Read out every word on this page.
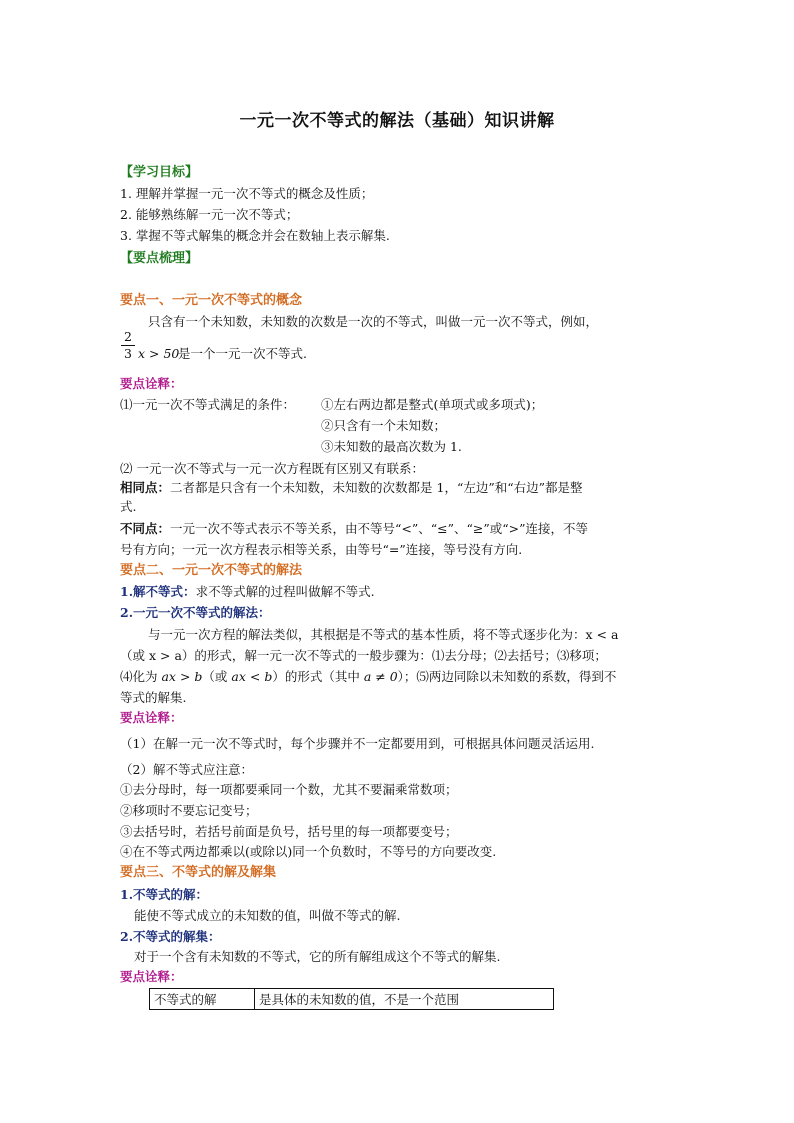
一元一次不等式的解法（基础）知识讲解
【学习目标】
1. 理解并掌握一元一次不等式的概念及性质；
2. 能够熟练解一元一次不等式；
3. 掌握不等式解集的概念并会在数轴上表示解集.
【要点梳理】
要点一、一元一次不等式的概念
只含有一个未知数，未知数的次数是一次的不等式，叫做一元一次不等式，例如，
2
3 x > 50
是一个一元一次不等式.
要点诠释：
⑴一元一次不等式满足的条件： ①左右两边都是整式(单项式或多项式)；
②只含有一个未知数；
③未知数的最高次数为 1.
⑵ 一元一次不等式与一元一次方程既有区别又有联系：
相同点：二者都是只含有一个未知数，未知数的次数都是 1，“左边”和“右边”都是整
式.
不同点：一元一次不等式表示不等关系，由不等号“<”、“≤”、“≥”或“>”连接，不等
号有方向；一元一次方程表示相等关系，由等号“=”连接，等号没有方向.
要点二、一元一次不等式的解法
1.解不等式：求不等式解的过程叫做解不等式.
2.一元一次不等式的解法：
与一元一次方程的解法类似，其根据是不等式的基本性质，将不等式逐步化为：x < a
（或 x > a）的形式，解一元一次不等式的一般步骤为：⑴去分母；⑵去括号；⑶移项；
⑷化为 ax > b（或 ax < b）的形式（其中 a ≠ 0）；⑸两边同除以未知数的系数，得到不
等式的解集.
要点诠释：
（1）在解一元一次不等式时，每个步骤并不一定都要用到，可根据具体问题灵活运用.
（2）解不等式应注意：
①去分母时，每一项都要乘同一个数，尤其不要漏乘常数项；
②移项时不要忘记变号；
③去括号时，若括号前面是负号，括号里的每一项都要变号；
④在不等式两边都乘以(或除以)同一个负数时，不等号的方向要改变.
要点三、不等式的解及解集
1.不等式的解：
能使不等式成立的未知数的值，叫做不等式的解.
2.不等式的解集：
对于一个含有未知数的不等式，它的所有解组成这个不等式的解集.
要点诠释：
不等式的解	是具体的未知数的值，不是一个范围
